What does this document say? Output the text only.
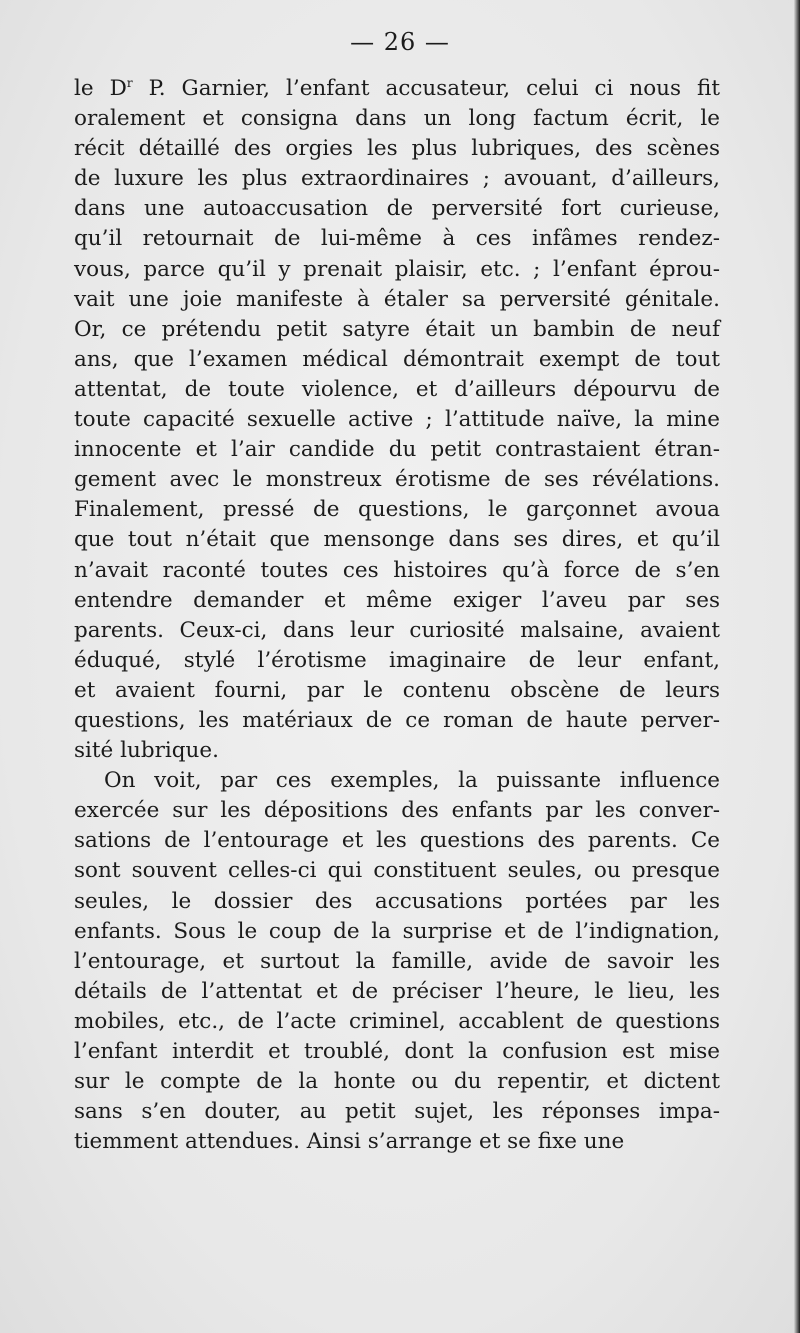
— 26 —
le $D^r$ P. Garnier, l’enfant accusateur, celui ci nous fit
oralement et consigna dans un long factum écrit, le
récit détaillé des orgies les plus lubriques, des scènes
de luxure les plus extraordinaires ; avouant, d’ailleurs,
dans une autoaccusation de perversité fort curieuse,
qu’il retournait de lui-même à ces infâmes rendez-
vous, parce qu’il y prenait plaisir, etc. ; l’enfant éprou-
vait une joie manifeste à étaler sa perversité génitale.
Or, ce prétendu petit satyre était un bambin de neuf
ans, que l’examen médical démontrait exempt de tout
attentat, de toute violence, et d’ailleurs dépourvu de
toute capacité sexuelle active ; l’attitude naïve, la mine
innocente et l’air candide du petit contrastaient étran-
gement avec le monstreux érotisme de ses révélations.
Finalement, pressé de questions, le garçonnet avoua
que tout n’était que mensonge dans ses dires, et qu’il
n’avait raconté toutes ces histoires qu’à force de s’en
entendre demander et même exiger l’aveu par ses
parents. Ceux-ci, dans leur curiosité malsaine, avaient
éduqué, stylé l’érotisme imaginaire de leur enfant,
et avaient fourni, par le contenu obscène de leurs
questions, les matériaux de ce roman de haute perver-
sité lubrique.
On voit, par ces exemples, la puissante influence
exercée sur les dépositions des enfants par les conver-
sations de l’entourage et les questions des parents. Ce
sont souvent celles-ci qui constituent seules, ou presque
seules, le dossier des accusations portées par les
enfants. Sous le coup de la surprise et de l’indignation,
l’entourage, et surtout la famille, avide de savoir les
détails de l’attentat et de préciser l’heure, le lieu, les
mobiles, etc., de l’acte criminel, accablent de questions
l’enfant interdit et troublé, dont la confusion est mise
sur le compte de la honte ou du repentir, et dictent
sans s’en douter, au petit sujet, les réponses impa-
tiemment attendues. Ainsi s’arrange et se fixe une
